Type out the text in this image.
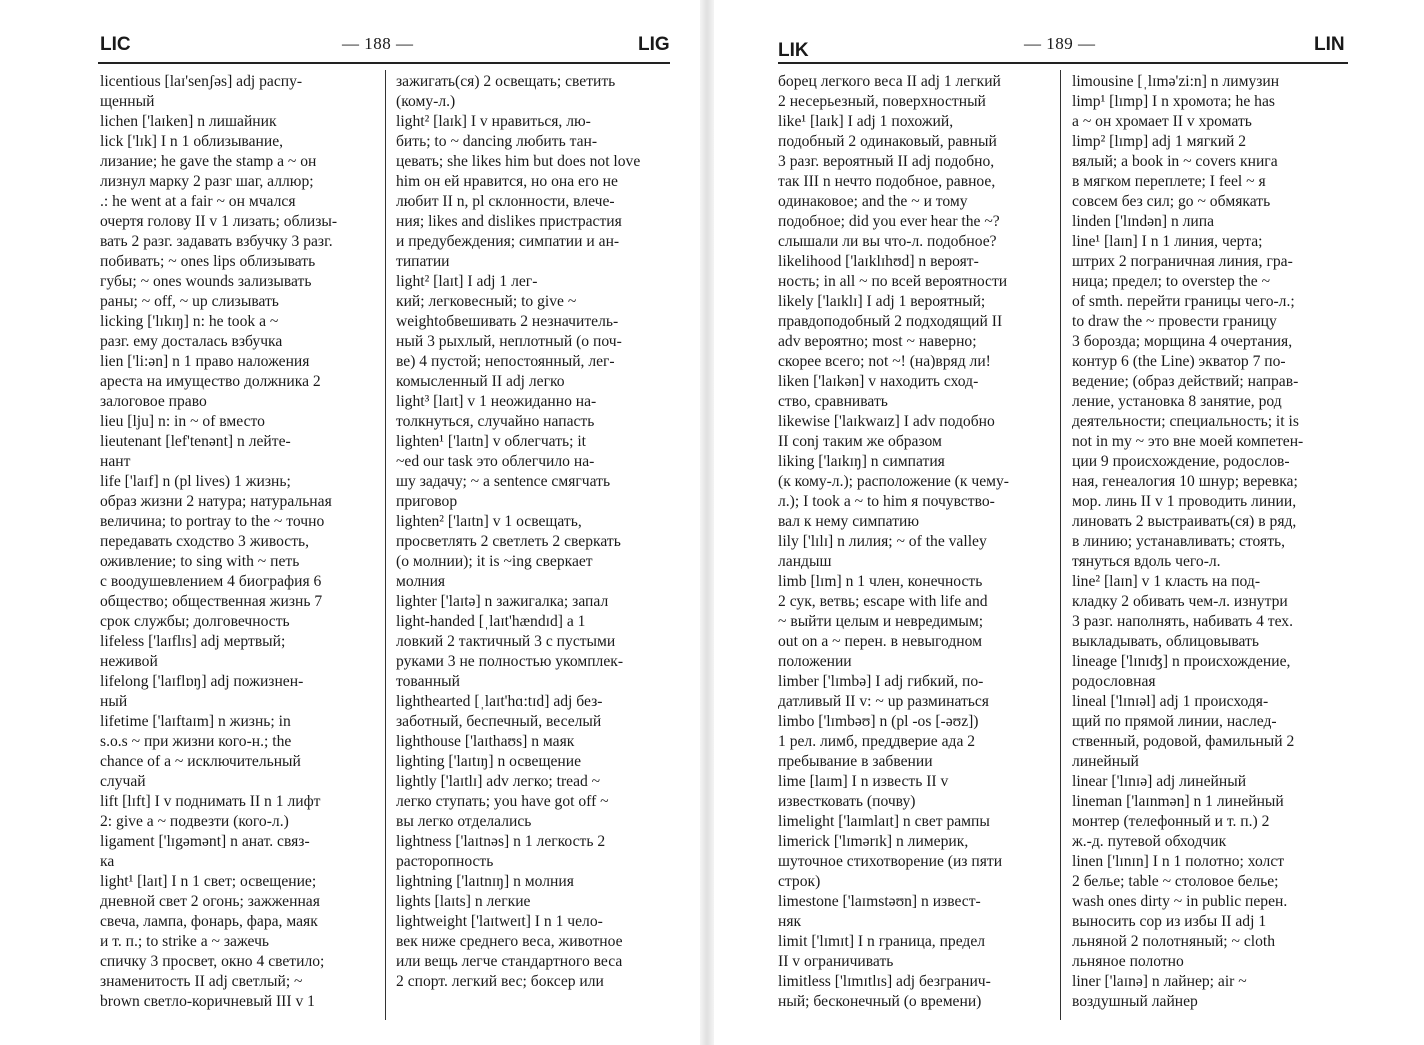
LIC	— 188 —	LIG
licentious [laɪ'senʃəs] adj распу-
щенный
lichen ['laɪken] n лишайник
lick ['lɪk] I n 1 облизывание,
лизание; he gave the stamp a ~ он
лизнул марку 2 разг шаг, аллюр;
.: he went at a fair ~ он мчался
очертя голову II v 1 лизать; облизы-
вать 2 разг. задавать взбучку 3 разг.
побивать; ~ ones lips облизывать
губы; ~ ones wounds зализывать
раны; ~ off, ~ up слизывать
licking ['lɪkɪŋ] n: he took a ~
разг. ему досталась взбучка
lien ['li:ən] n 1 право наложения
ареста на имущество должника 2
залоговое право
lieu [lju] n: in ~ of вместо
lieutenant [lef'tenənt] n лейте-
нант
life ['laɪf] n (pl lives) 1 жизнь;
образ жизни 2 натура; натуральная
величина; to portray to the ~ точно
передавать сходство 3 живость,
оживление; to sing with ~ петь
с воодушевлением 4 биография 6
общество; общественная жизнь 7
срок службы; долговечность
lifeless ['laɪflɪs] adj мертвый;
неживой
lifelong ['laɪflɒŋ] adj пожизнен-
ный
lifetime ['laɪftaɪm] n жизнь; in
s.o.s ~ при жизни кого-н.; the
chance of a ~ исключительный
случай
lift [lɪft] I v поднимать II n 1 лифт
2: give a ~ подвезти (кого-л.)
ligament ['lɪgəmənt] n анат. связ-
ка
light¹ [laɪt] I n 1 свет; освещение;
дневной свет 2 огонь; зажженная
свеча, лампа, фонарь, фара, маяк
и т. п.; to strike a ~ зажечь
спичку 3 просвет, окно 4 светило;
знаменитость II adj светлый; ~
brown светло-коричневый III v 1
зажигать(ся) 2 освещать; светить
(кому-л.)
light² [laɪk] I v нравиться, лю-
бить; to ~ dancing любить тан-
цевать; she likes him but does not love
him он ей нравится, но она его не
любит II n, pl склонности, влече-
ния; likes and dislikes пристрастия
и предубеждения; симпатии и ан-
типатии
light² [laɪt] I adj 1 лег-
кий; легковесный; to give ~
weightобвешивать 2 незначитель-
ный 3 рыхлый, неплотный (о поч-
ве) 4 пустой; непостоянный, лег-
комысленный II adj легко
light³ [laɪt] v 1 неожиданно на-
толкнуться, случайно напасть
lighten¹ ['laɪtn] v облегчать; it
~ed our task это облегчило на-
шу задачу; ~ a sentence смягчать
приговор
lighten² ['laɪtn] v 1 освещать,
просветлять 2 светлеть 2 сверкать
(о молнии); it is ~ing сверкает
молния
lighter ['laɪtə] n зажигалка; запал
light-handed [ˌlaɪt'hændɪd] a 1
ловкий 2 тактичный 3 с пустыми
руками 3 не полностью укомплек-
тованный
lighthearted [ˌlaɪt'hɑ:tɪd] adj без-
заботный, беспечный, веселый
lighthouse ['laɪthaʊs] n маяк
lighting ['laɪtɪŋ] n освещение
lightly ['laɪtlɪ] adv легко; tread ~
легко ступать; you have got off ~
вы легко отделались
lightness ['laɪtnəs] n 1 легкость 2
расторопность
lightning ['laɪtnɪŋ] n молния
lights [laɪts] n легкие
lightweight ['laɪtweɪt] I n 1 чело-
век ниже среднего веса, животное
или вещь легче стандартного веса
2 спорт. легкий вес; боксер или
LIK	— 189 —	LIN
борец легкого веса II adj 1 легкий
2 несерьезный, поверхностный
like¹ [laɪk] I adj 1 похожий,
подобный 2 одинаковый, равный
3 разг. вероятный II adj подобно,
так III n нечто подобное, равное,
одинаковое; and the ~ и тому
подобное; did you ever hear the ~?
слышали ли вы что-л. подобное?
likelihood ['laɪklɪhʊd] n вероят-
ность; in all ~ по всей вероятности
likely ['laɪklɪ] I adj 1 вероятный;
правдоподобный 2 подходящий II
adv вероятно; most ~ наверно;
скорее всего; not ~! (на)вряд ли!
liken ['laɪkən] v находить сход-
ство, сравнивать
likewise ['laɪkwaɪz] I adv подобно
II conj таким же образом
liking ['laɪkɪŋ] n симпатия
(к кому-л.); расположение (к чему-
л.); I took a ~ to him я почувство-
вал к нему симпатию
lily ['lɪlɪ] n лилия; ~ of the valley
ландыш
limb [lɪm] n 1 член, конечность
2 сук, ветвь; escape with life and
~ выйти целым и невредимым;
out on a ~ перен. в невыгодном
положении
limber ['lɪmbə] I adj гибкий, по-
датливый II v: ~ up разминаться
limbo ['lɪmbəʊ] n (pl -os [-əʊz])
1 рел. лимб, преддверие ада 2
пребывание в забвении
lime [laɪm] I n известь II v
известковать (почву)
limelight ['laɪmlaɪt] n свет рампы
limerick ['lɪmərɪk] n лимерик,
шуточное стихотворение (из пяти
строк)
limestone ['laɪmstəʊn] n извест-
няк
limit ['lɪmɪt] I n граница, предел
II v ограничивать
limitless ['lɪmɪtlɪs] adj безгранич-
ный; бесконечный (о времени)
limousine [ˌlɪmə'zi:n] n лимузин
limp¹ [lɪmp] I n хромота; he has
a ~ он хромает II v хромать
limp² [lɪmp] adj 1 мягкий 2
вялый; a book in ~ covers книга
в мягком переплете; I feel ~ я
совсем без сил; go ~ обмякать
linden ['lɪndən] n липа
line¹ [laɪn] I n 1 линия, черта;
штрих 2 пограничная линия, гра-
ница; предел; to overstep the ~
of smth. перейти границы чего-л.;
to draw the ~ провести границу
3 борозда; морщина 4 очертания,
контур 6 (the Line) экватор 7 по-
ведение; (образ действий; направ-
ление, установка 8 занятие, род
деятельности; специальность; it is
not in my ~ это вне моей компетен-
ции 9 происхождение, родослов-
ная, генеалогия 10 шнур; веревка;
мор. линь II v 1 проводить линии,
линовать 2 выстраивать(ся) в ряд,
в линию; устанавливать; стоять,
тянуться вдоль чего-л.
line² [laɪn] v 1 класть на под-
кладку 2 обивать чем-л. изнутри
3 разг. наполнять, набивать 4 тех.
выкладывать, облицовывать
lineage ['lɪnɪʤ] n происхождение,
родословная
lineal ['lɪnɪəl] adj 1 происходя-
щий по прямой линии, наслед-
ственный, родовой, фамильный 2
линейный
linear ['lɪnɪə] adj линейный
lineman ['laɪnmən] n 1 линейный
монтер (телефонный и т. п.) 2
ж.-д. путевой обходчик
linen ['lɪnɪn] I n 1 полотно; холст
2 белье; table ~ столовое белье;
wash ones dirty ~ in public перен.
выносить сор из избы II adj 1
льняной 2 полотняный; ~ cloth
льняное полотно
liner ['laɪnə] n лайнер; air ~
воздушный лайнер
